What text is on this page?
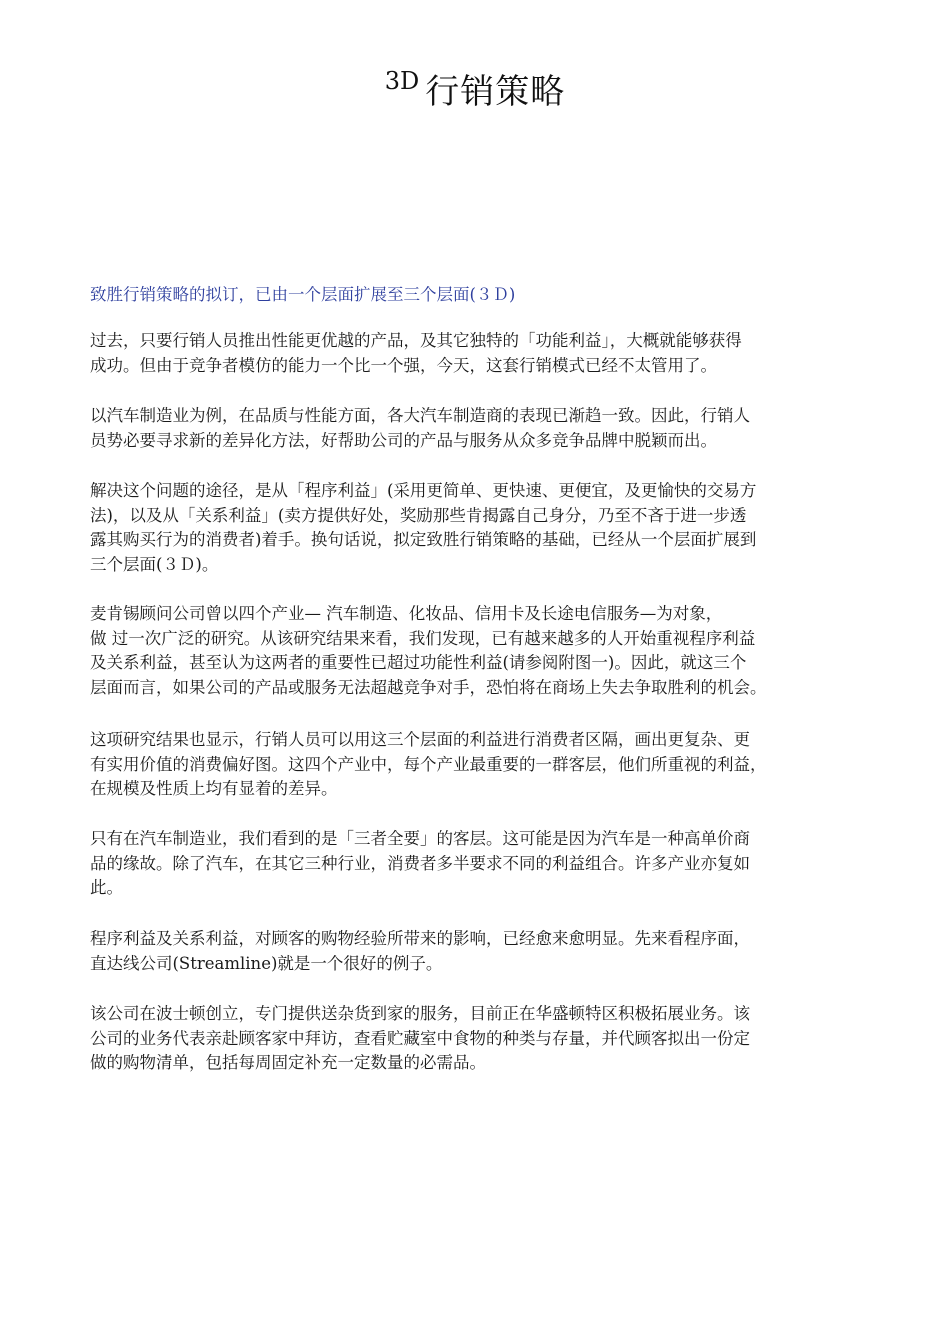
$^{3D}$ 行销策略
致胜行销策略的拟订，已由一个层面扩展至三个层面(３Ｄ)

过去，只要行销人员推出性能更优越的产品，及其它独特的「功能利益」，大概就能够获得
成功。但由于竞争者模仿的能力一个比一个强，今天，这套行销模式已经不太管用了。

以汽车制造业为例，在品质与性能方面，各大汽车制造商的表现已渐趋一致。因此，行销人
员势必要寻求新的差异化方法，好帮助公司的产品与服务从众多竞争品牌中脱颖而出。

解决这个问题的途径，是从「程序利益」(采用更简单、更快速、更便宜，及更愉快的交易方
法)，以及从「关系利益」(卖方提供好处，奖励那些肯揭露自己身分，乃至不吝于进一步透
露其购买行为的消费者)着手。换句话说，拟定致胜行销策略的基础，已经从一个层面扩展到
三个层面(３Ｄ)。

麦肯锡顾问公司曾以四个产业— 汽车制造、化妆品、信用卡及长途电信服务—为对象，
做 过一次广泛的研究。从该研究结果来看，我们发现，已有越来越多的人开始重视程序利益
及关系利益，甚至认为这两者的重要性已超过功能性利益(请参阅附图一)。因此，就这三个
层面而言，如果公司的产品或服务无法超越竞争对手，恐怕将在商场上失去争取胜利的机会。

这项研究结果也显示，行销人员可以用这三个层面的利益进行消费者区隔，画出更复杂、更
有实用价值的消费偏好图。这四个产业中，每个产业最重要的一群客层，他们所重视的利益，
在规模及性质上均有显着的差异。

只有在汽车制造业，我们看到的是「三者全要」的客层。这可能是因为汽车是一种高单价商
品的缘故。除了汽车，在其它三种行业，消费者多半要求不同的利益组合。许多产业亦复如
此。

程序利益及关系利益，对顾客的购物经验所带来的影响，已经愈来愈明显。先来看程序面，
直达线公司(Streamline)就是一个很好的例子。

该公司在波士顿创立，专门提供送杂货到家的服务，目前正在华盛顿特区积极拓展业务。该
公司的业务代表亲赴顾客家中拜访，查看贮藏室中食物的种类与存量，并代顾客拟出一份定
做的购物清单，包括每周固定补充一定数量的必需品。
